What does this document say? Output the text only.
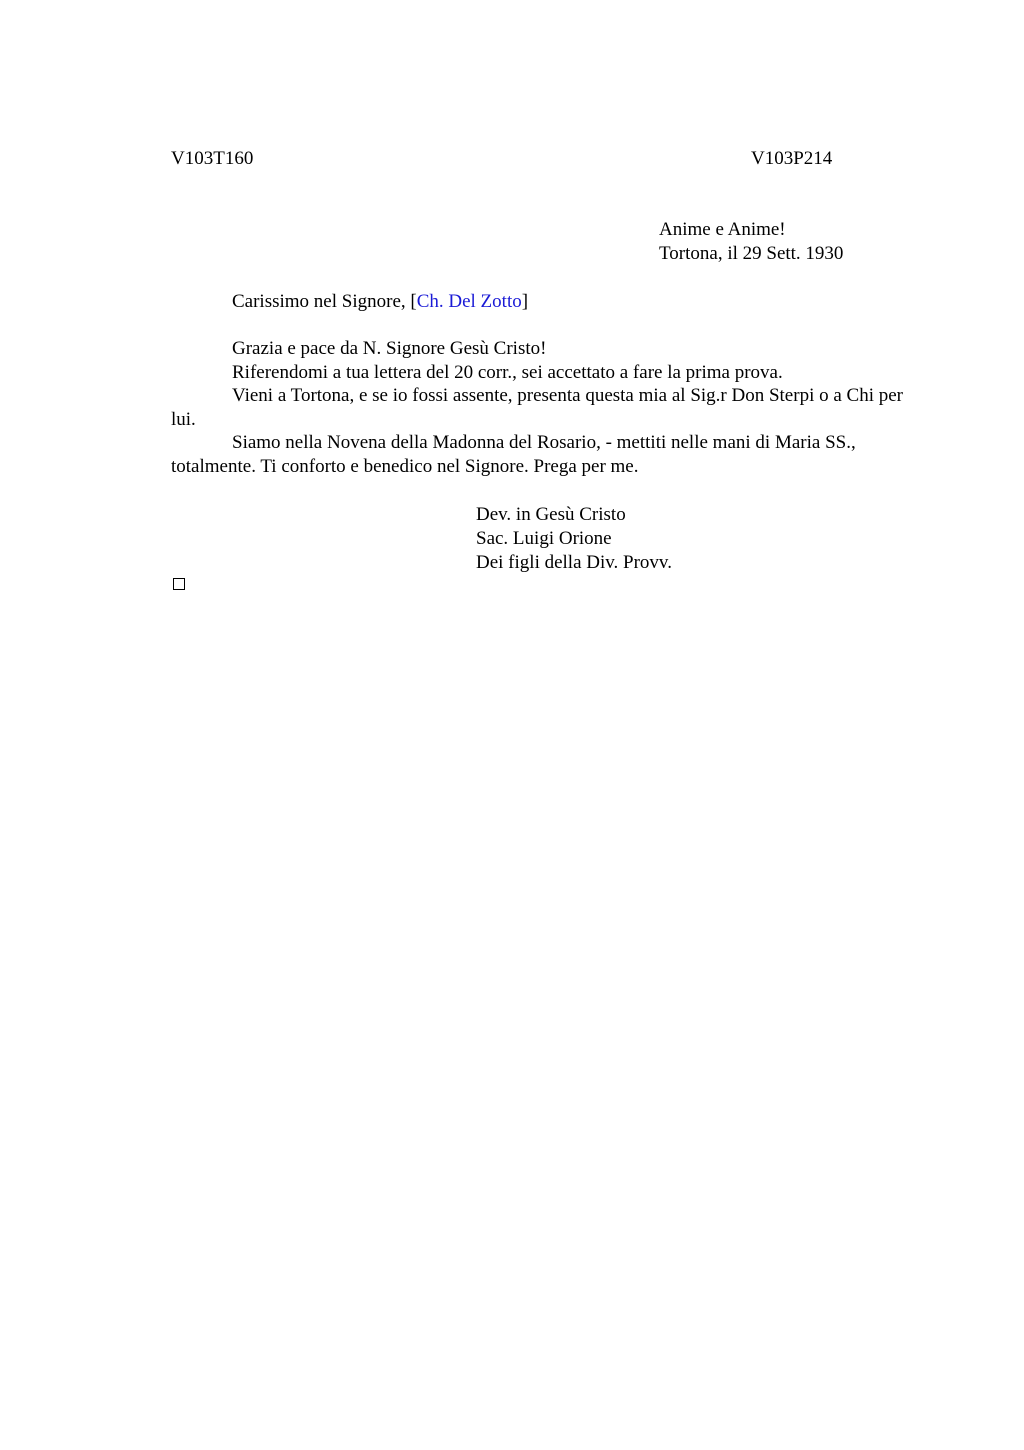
V103T160	V103P214
Anime e Anime!
Tortona, il 29 Sett. 1930
Carissimo nel Signore, [Ch. Del Zotto]

Grazia e pace da N. Signore Gesù Cristo!

Riferendomi a tua lettera del 20 corr., sei accettato a fare la prima prova.

Vieni a Tortona, e se io fossi assente, presenta questa mia al Sig.r Don Sterpi o a Chi per lui.

Siamo nella Novena della Madonna del Rosario, - mettiti nelle mani di Maria SS., totalmente. Ti conforto e benedico nel Signore. Prega per me.

Dev. in Gesù Cristo
Sac. Luigi Orione
Dei figli della Div. Provv.
